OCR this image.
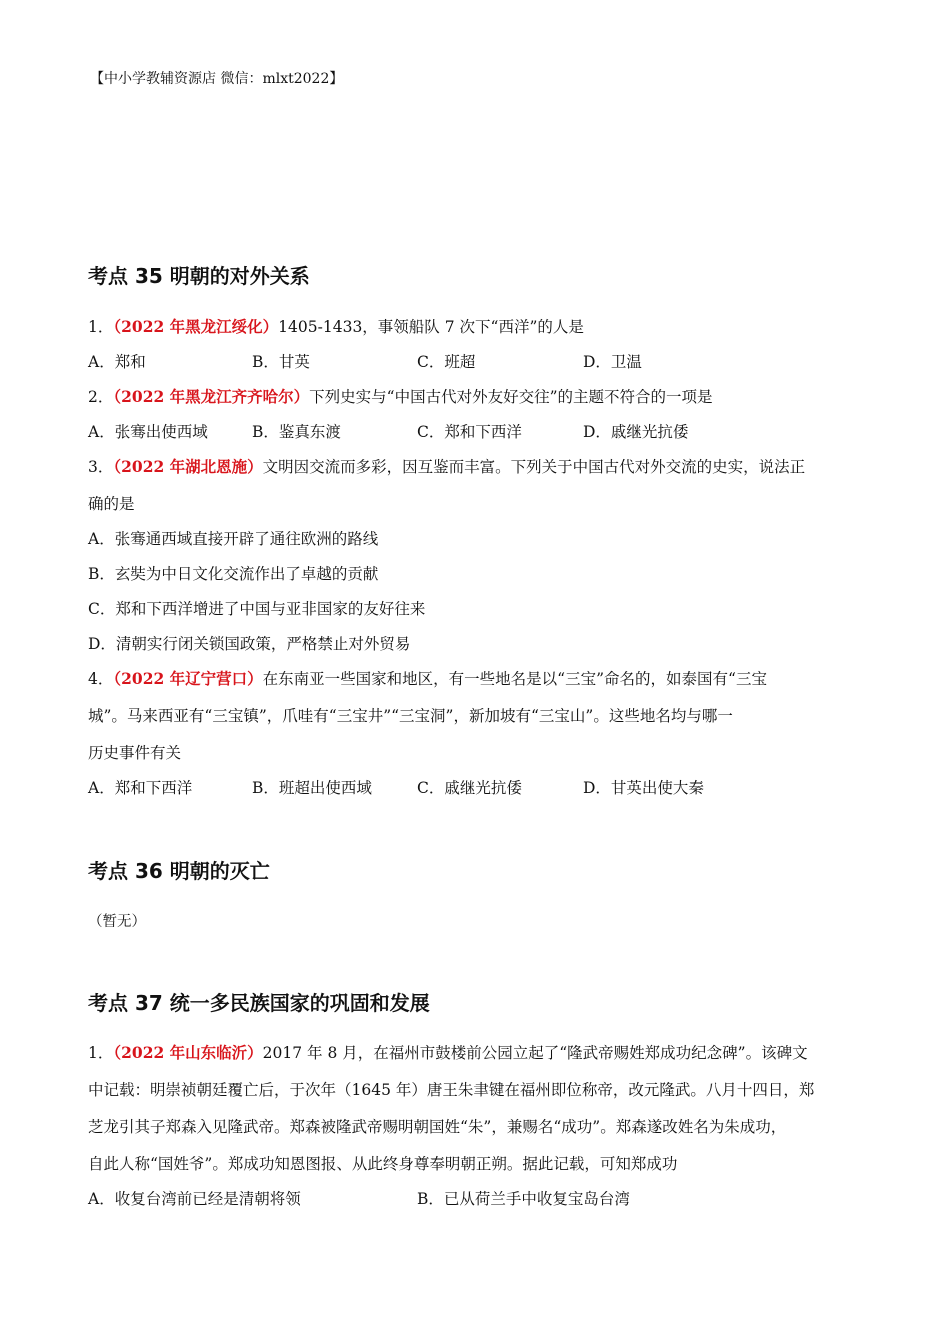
【中小学教辅资源店 微信：mlxt2022】
考点 35 明朝的对外关系
1．（2022 年黑龙江绥化）1405-1433，事领船队 7 次下“西洋”的人是
A．郑和	B．甘英	C．班超	D．卫温
2．（2022 年黑龙江齐齐哈尔）下列史实与“中国古代对外友好交往”的主题不符合的一项是
A．张骞出使西域	B．鉴真东渡	C．郑和下西洋	D．戚继光抗倭
3．（2022 年湖北恩施）文明因交流而多彩，因互鉴而丰富。下列关于中国古代对外交流的史实，说法正
确的是
A．张骞通西域直接开辟了通往欧洲的路线
B．玄奘为中日文化交流作出了卓越的贡献
C．郑和下西洋增进了中国与亚非国家的友好往来
D．清朝实行闭关锁国政策，严格禁止对外贸易
4．（2022 年辽宁营口）在东南亚一些国家和地区，有一些地名是以“三宝”命名的，如泰国有“三宝
城”。马来西亚有“三宝镇”，爪哇有“三宝井”“三宝洞”，新加坡有“三宝山”。这些地名均与哪一
历史事件有关
A．郑和下西洋	B．班超出使西域	C．戚继光抗倭	D．甘英出使大秦
考点 36 明朝的灭亡
（暂无）
考点 37 统一多民族国家的巩固和发展
1．（2022 年山东临沂）2017 年 8 月，在福州市鼓楼前公园立起了“隆武帝赐姓郑成功纪念碑”。该碑文
中记载：明崇祯朝廷覆亡后，于次年（1645 年）唐王朱聿键在福州即位称帝，改元隆武。八月十四日，郑
芝龙引其子郑森入见隆武帝。郑森被隆武帝赐明朝国姓“朱”，兼赐名“成功”。郑森遂改姓名为朱成功，
自此人称“国姓爷”。郑成功知恩图报、从此终身尊奉明朝正朔。据此记载，可知郑成功
A．收复台湾前已经是清朝将领	B．已从荷兰手中收复宝岛台湾
